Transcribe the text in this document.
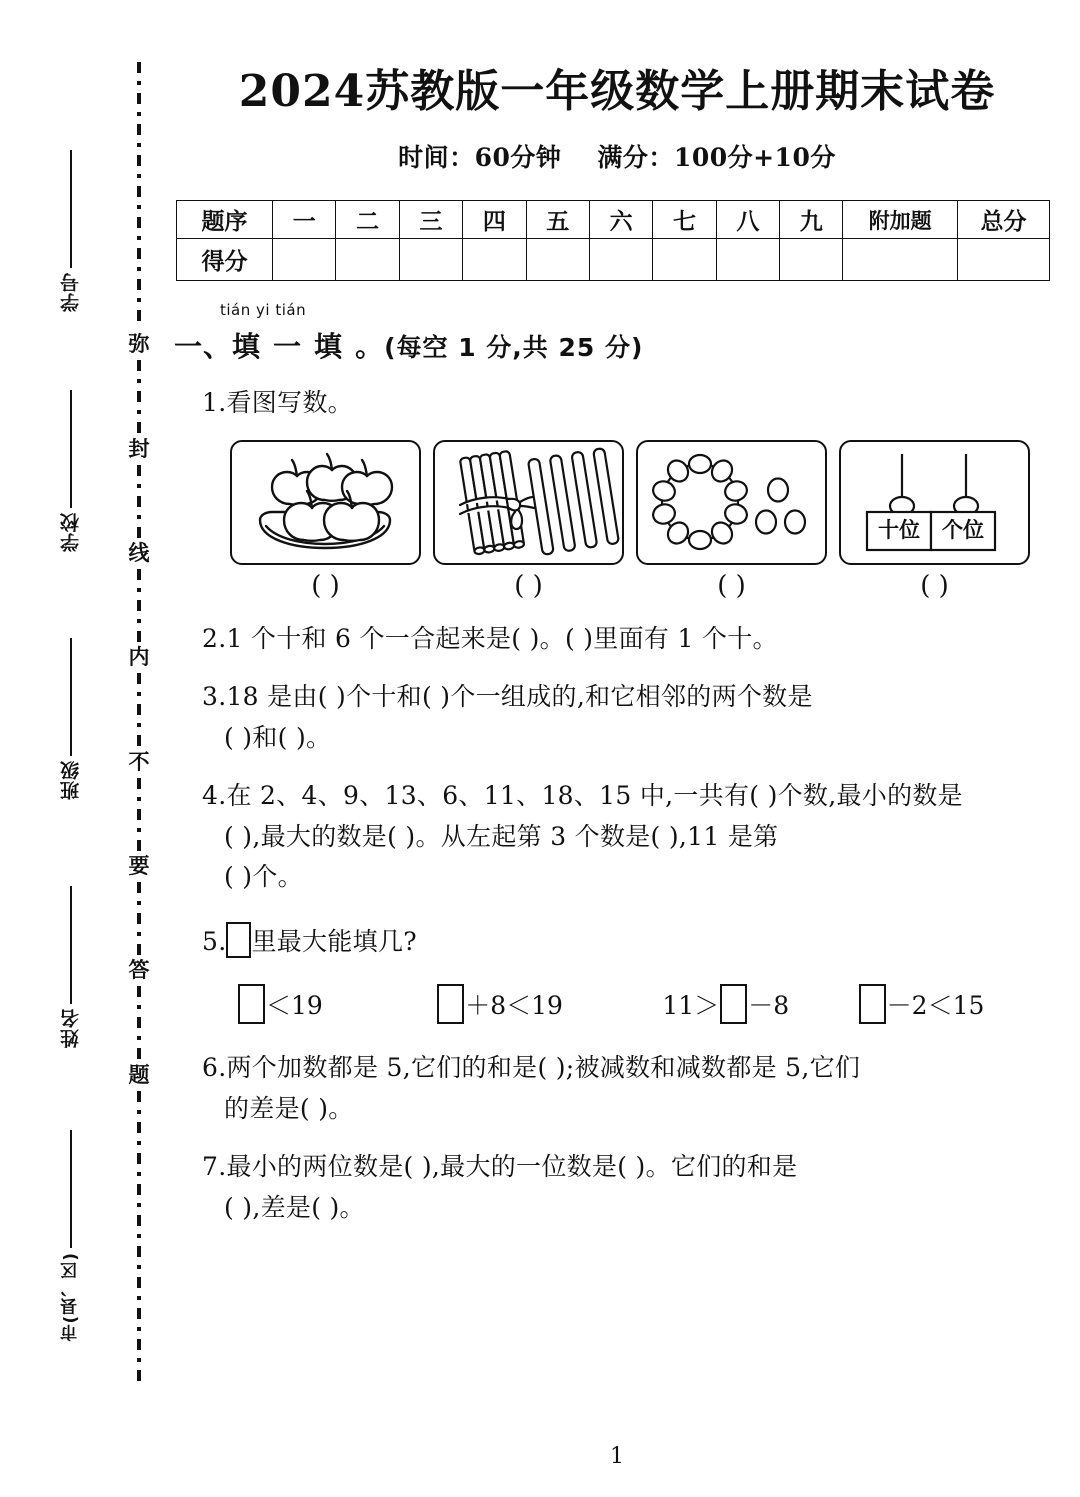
学号
学校
班级
姓名
市(县、区)
弥
封
线
内
不
要
答
题
2024苏教版一年级数学上册期末试卷
时间：60分钟 满分：100分+10分
题序	一	二	三	四	五	六	七	八	九	附加题	总分
得分											
tián yi tián
一、填 一 填 。(每空 1 分,共 25 分)
1.看图写数。
十位 个位
( )	( )	( )	( )
2.1 个十和 6 个一合起来是( )。( )里面有 1 个十。
3.18 是由( )个十和( )个一组成的,和它相邻的两个数是
( )和( )。
4.在 2、4、9、13、6、11、18、15 中,一共有( )个数,最小的数是
( ),最大的数是( )。从左起第 3 个数是( ),11 是第
( )个。
5. 里最大能填几?
＜19	＋8＜19	11＞ －8	－2＜15
6.两个加数都是 5,它们的和是( );被减数和减数都是 5,它们
的差是( )。
7.最小的两位数是( ),最大的一位数是( )。它们的和是
( ),差是( )。
1
